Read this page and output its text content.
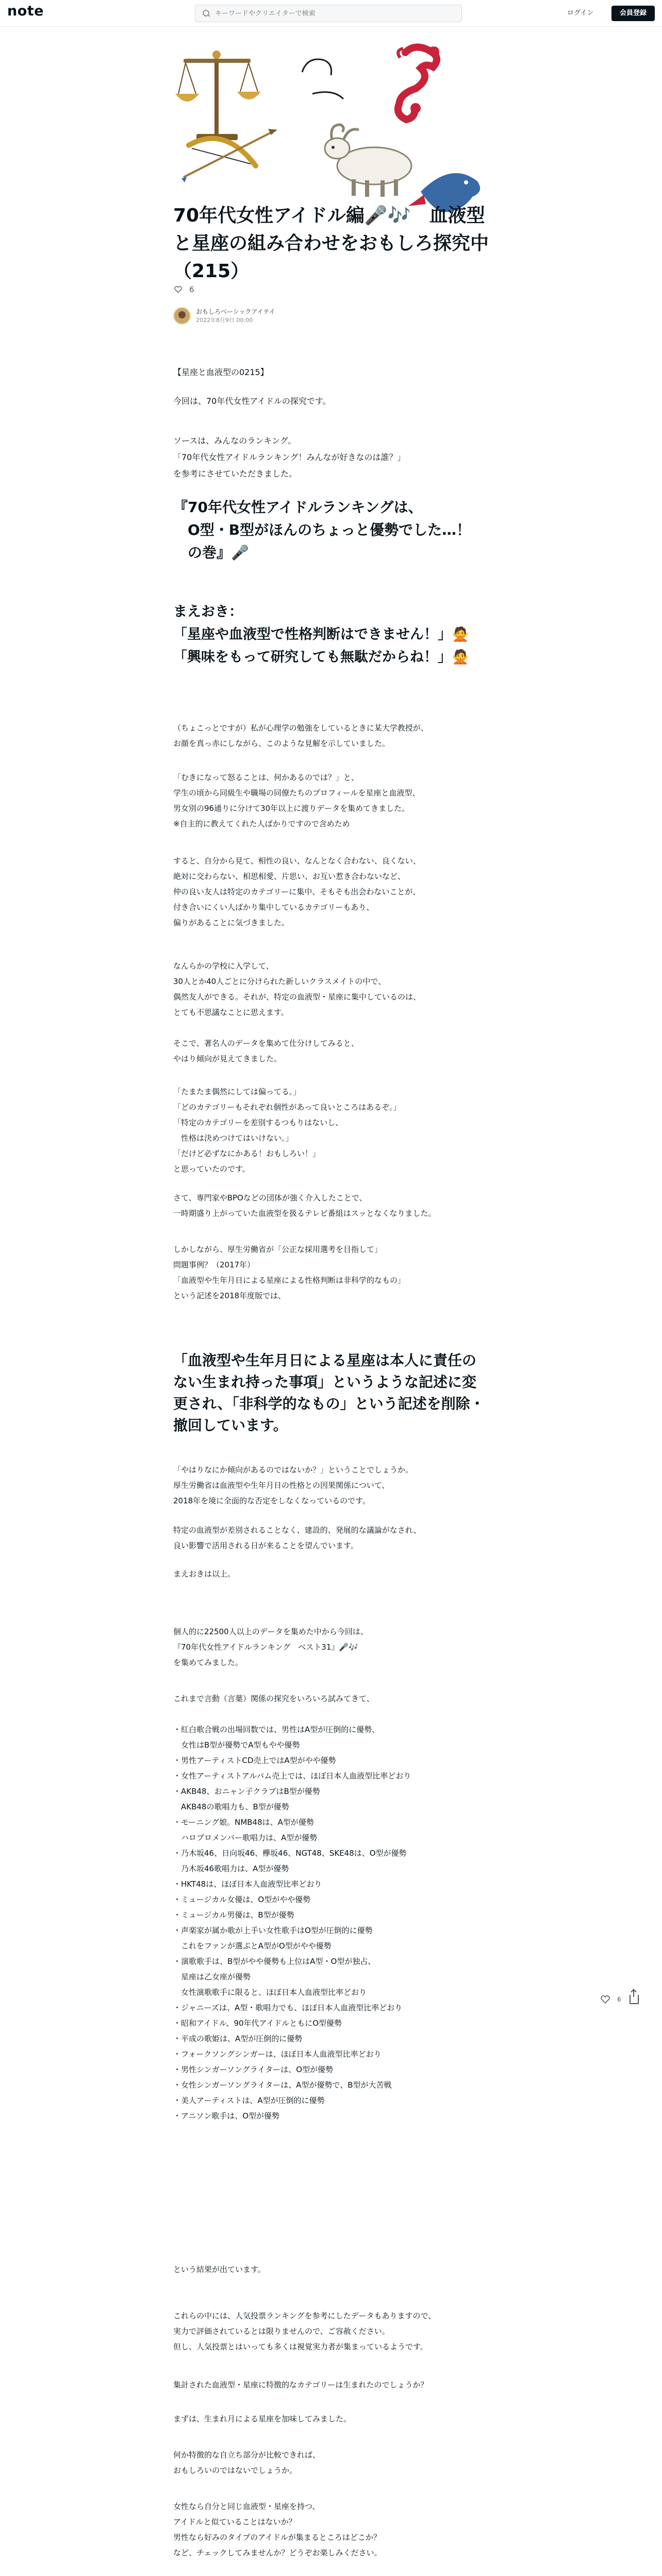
note
キーワードやクリエイターで検索	ログイン	会員登録
70年代女性アイドル編🎤🎶　血液型と星座の組み合わせをおもしろ探究中（215）
6
おもしろベーシックアイテイ
2022年8月9日 00:00
【星座と血液型の0215】
今回は、70年代女性アイドルの探究です。
ソースは、みんなのランキング。
「70年代女性アイドルランキング！みんなが好きなのは誰？」
を参考にさせていただきました。
『70年代女性アイドルランキングは、
　O型・B型がほんのちょっと優勢でした…！
　の巻』🎤
まえおき：
「星座や血液型で性格判断はできません！」🙅
「興味をもって研究しても無駄だからね！」🙅
（ちょこっとですが）私が心理学の勉強をしているときに某大学教授が、
お顔を真っ赤にしながら、このような見解を示していました。
「むきになって怒ることは、何かあるのでは？」と、
学生の頃から同級生や職場の同僚たちのプロフィールを星座と血液型、
男女別の96通りに分けて30年以上に渡りデータを集めてきました。
※自主的に教えてくれた人ばかりですので含めため
すると、自分から見て、相性の良い、なんとなく合わない、良くない、
絶対に交わらない、相思相愛、片思い、お互い惹き合わないなど、
仲の良い友人は特定のカテゴリーに集中、そもそも出会わないことが、
付き合いにくい人ばかり集中しているカテゴリーもあり、
偏りがあることに気づきました。
なんらかの学校に入学して、
30人とか40人ごとに分けられた新しいクラスメイトの中で、
偶然友人ができる。それが、特定の血液型・星座に集中しているのは、
とても不思議なことに思えます。
そこで、著名人のデータを集めて仕分けしてみると、
やはり傾向が見えてきました。
「たまたま偶然にしては偏ってる。」
「どのカテゴリーもそれぞれ個性があって良いところはあるぞ。」
「特定のカテゴリーを差別するつもりはないし、
　性格は決めつけてはいけない。」
「だけど必ずなにかある！おもしろい！」
と思っていたのです。
さて、専門家やBPOなどの団体が強く介入したことで、
一時期盛り上がっていた血液型を扱るテレビ番組はスッとなくなりました。
しかしながら、厚生労働省が「公正な採用選考を目指して」
問題事例？（2017年）
「血液型や生年月日による星座による性格判断は非科学的なもの」
という記述を2018年度版では、
「血液型や生年月日による星座は本人に責任のない生まれ持った事項」というような記述に変更され、「非科学的なもの」という記述を削除・撤回しています。
「やはりなにか傾向があるのではないか？」ということでしょうか。
厚生労働省は血液型や生年月日の性格との因果関係について、
2018年を境に全面的な否定をしなくなっているのです。
特定の血液型が差別されることなく、建設的、発展的な議論がなされ、
良い影響で活用される日が来ることを望んでいます。
まえおきは以上。
個人的に22500人以上のデータを集めた中から今回は、
『70年代女性アイドルランキング　ベスト31』🎤🎶
を集めてみました。
これまで言動（言葉）関係の探究をいろいろ試みてきて、
・紅白歌合戦の出場回数では、男性はA型が圧倒的に優勢、
　女性はB型が優勢でA型もやや優勢
・男性アーティストCD売上ではA型がやや優勢
・女性アーティストアルバム売上では、ほぼ日本人血液型比率どおり
・AKB48、おニャン子クラブはB型が優勢
　AKB48の歌唱力も、B型が優勢
・モーニング娘。NMB48は、A型が優勢
　ハロプロメンバー歌唱力は、A型が優勢
・乃木坂46、日向坂46、欅坂46、NGT48、SKE48は、O型が優勢
　乃木坂46歌唱力は、A型が優勢
・HKT48は、ほぼ日本人血液型比率どおり
・ミュージカル女優は、O型がやや優勢
・ミュージカル男優は、B型が優勢
・声楽家が属か歌が上手い女性歌手はO型が圧倒的に優勢
　これをファンが選ぶとA型がO型がやや優勢
・演歌歌手は、B型がやや優勢も上位はA型・O型が独占、
　星座は乙女座が優勢
　女性演歌歌手に限ると、ほぼ日本人血液型比率どおり
・ジャニーズは、A型・歌唱力でも、ほぼ日本人血液型比率どおり
・昭和アイドル、90年代アイドルともにO型優勢
・平成の歌姫は、A型が圧倒的に優勢
・フォークソングシンガーは、ほぼ日本人血液型比率どおり
・男性シンガーソングライターは、O型が優勢
・女性シンガーソングライターは、A型が優勢で、B型が大苦戦
・美人アーティストは、A型が圧倒的に優勢
・アニソン歌手は、O型が優勢
という結果が出ています。
これらの中には、人気投票ランキングを参考にしたデータもありますので、
実力で評価されているとは限りませんので、ご容赦ください。
但し、人気投票とはいっても多くは視覚実力者が集まっているようです。
集計された血液型・星座に特徴的なカテゴリーは生まれたのでしょうか？
まずは、生まれ月による星座を加味してみました。
何か特徴的な自立ち部分が比較できれば、
おもしろいのではないでしょうか。
女性なら自分と同じ血液型・星座を持つ、
アイドルと似ていることはないか？
男性なら好みのタイプのアイドルが集まるところはどこか？
など、チェックしてみませんか？どうぞお楽しみください。
6
